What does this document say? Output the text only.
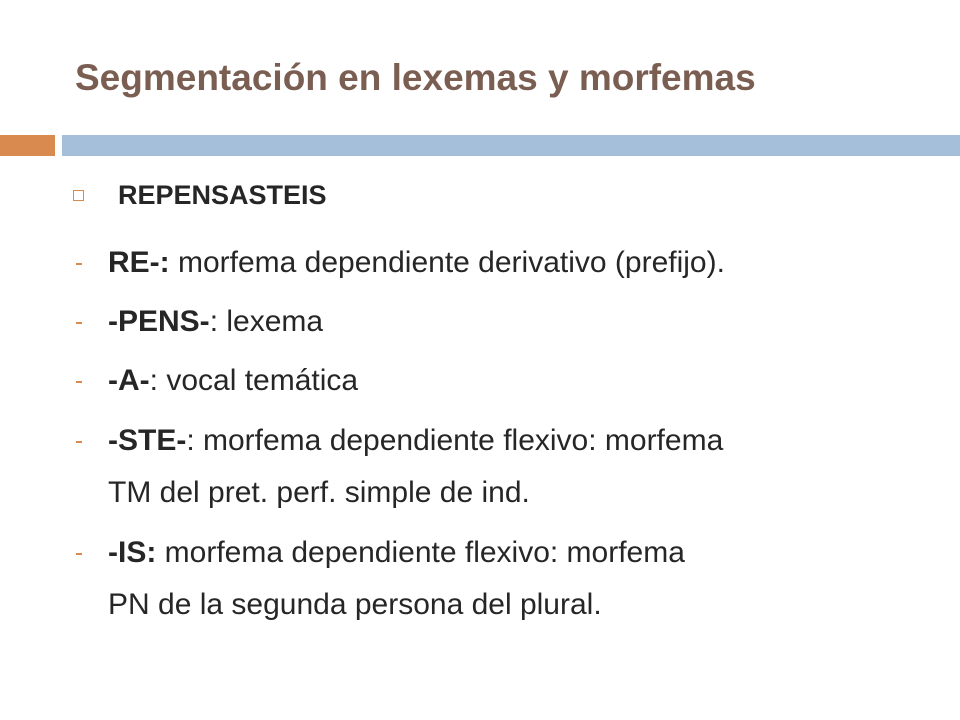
Segmentación en lexemas y morfemas
REPENSASTEIS
RE-: morfema dependiente derivativo (prefijo).
-PENS-: lexema
-A-: vocal temática
-STE-: morfema dependiente flexivo: morfema
TM del pret. perf. simple de ind.
-IS: morfema dependiente flexivo: morfema
PN de la segunda persona del plural.
